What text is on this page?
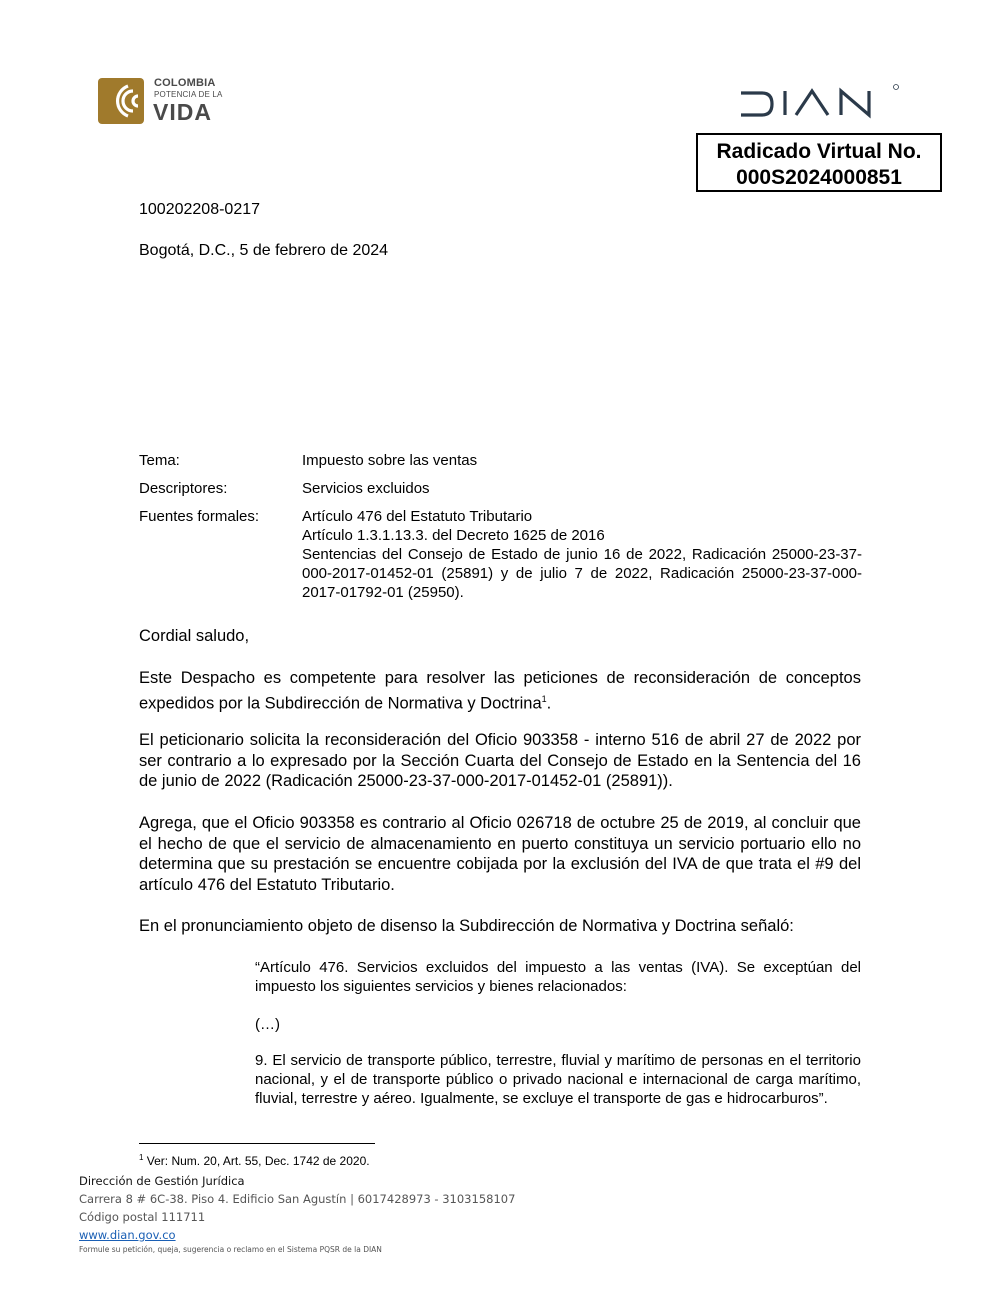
COLOMBIA
POTENCIA DE LA
VIDA
Radicado Virtual No.
000S2024000851
100202208-0217
Bogotá, D.C., 5 de febrero de 2024
Tema:	Impuesto sobre las ventas
Descriptores:	Servicios excluidos
Fuentes formales:	Artículo 476 del Estatuto Tributario
Artículo 1.3.1.13.3. del Decreto 1625 de 2016
Sentencias del Consejo de Estado de junio 16 de 2022, Radicación 25000-23-37-000-2017-01452-01 (25891) y de julio 7 de 2022, Radicación 25000-23-37-000-2017-01792-01 (25950).
Cordial saludo,
Este Despacho es competente para resolver las peticiones de reconsideración de conceptos expedidos por la Subdirección de Normativa y Doctrina$^1$.
El peticionario solicita la reconsideración del Oficio 903358 - interno 516 de abril 27 de 2022 por ser contrario a lo expresado por la Sección Cuarta del Consejo de Estado en la Sentencia del 16 de junio de 2022 (Radicación 25000-23-37-000-2017-01452-01 (25891)).
Agrega, que el Oficio 903358 es contrario al Oficio 026718 de octubre 25 de 2019, al concluir que el hecho de que el servicio de almacenamiento en puerto constituya un servicio portuario ello no determina que su prestación se encuentre cobijada por la exclusión del IVA de que trata el #9 del artículo 476 del Estatuto Tributario.
En el pronunciamiento objeto de disenso la Subdirección de Normativa y Doctrina señaló:
“Artículo 476. Servicios excluidos del impuesto a las ventas (IVA). Se exceptúan del impuesto los siguientes servicios y bienes relacionados:
(…)
9. El servicio de transporte público, terrestre, fluvial y marítimo de personas en el territorio nacional, y el de transporte público o privado nacional e internacional de carga marítimo, fluvial, terrestre y aéreo. Igualmente, se excluye el transporte de gas e hidrocarburos”.
$^1$ Ver: Num. 20, Art. 55, Dec. 1742 de 2020.
Dirección de Gestión Jurídica
Carrera 8 # 6C-38. Piso 4. Edificio San Agustín | 6017428973 - 3103158107
Código postal 111711
www.dian.gov.co
Formule su petición, queja, sugerencia o reclamo en el Sistema PQSR de la DIAN
